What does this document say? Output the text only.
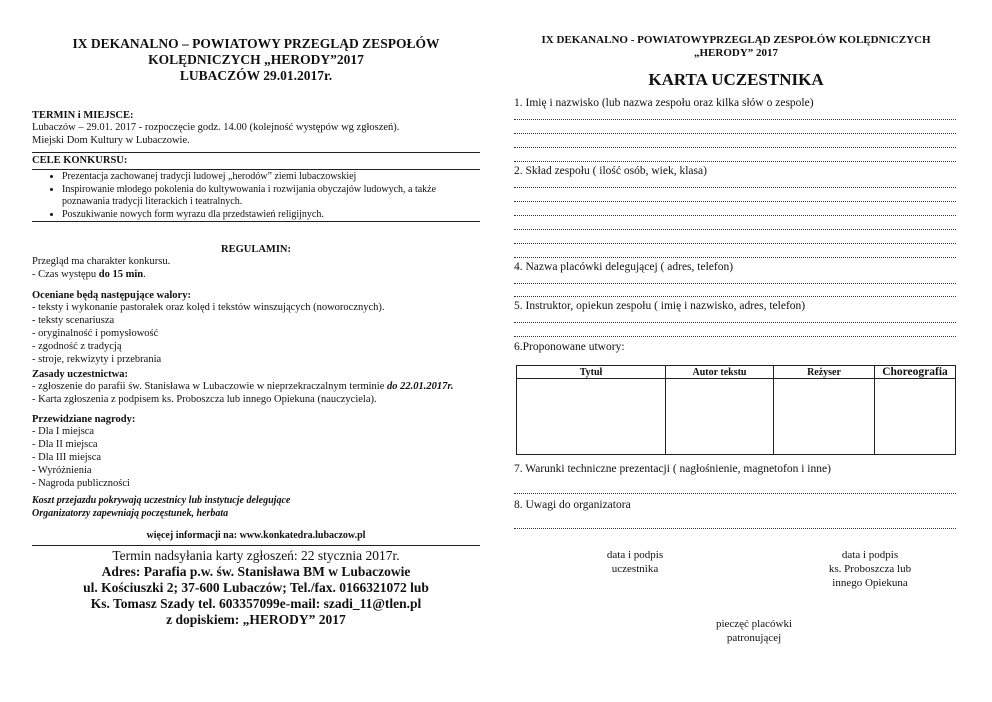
IX DEKANALNO – POWIATOWY PRZEGLĄD ZESPOŁÓW
KOLĘDNICZYCH „HERODY”2017
LUBACZÓW 29.01.2017r.
TERMIN i MIEJSCE:
Lubaczów – 29.01. 2017 - rozpoczęcie godz. 14.00 (kolejność występów wg zgłoszeń).
Miejski Dom Kultury w Lubaczowie.
CELE KONKURSU:
• Prezentacja zachowanej tradycji ludowej „herodów” ziemi lubaczowskiej
• Inspirowanie młodego pokolenia do kultywowania i rozwijania obyczajów ludowych, a także poznawania tradycji literackich i teatralnych.
• Poszukiwanie nowych form wyrazu dla przedstawień religijnych.
REGULAMIN:
Przegląd ma charakter konkursu.
- Czas występu do 15 min.
Oceniane będą następujące walory:
- teksty i wykonanie pastorałek oraz kolęd i tekstów winszujących (noworocznych).
- teksty scenariusza
- oryginalność i pomysłowość
- zgodność z tradycją
- stroje, rekwizyty i przebrania
Zasady uczestnictwa:
- zgłoszenie do parafii św. Stanisława w Lubaczowie w nieprzekraczalnym terminie do 22.01.2017r.
- Karta zgłoszenia z podpisem ks. Proboszcza lub innego Opiekuna (nauczyciela).
Przewidziane nagrody:
- Dla I miejsca
- Dla II miejsca
- Dla III miejsca
- Wyróżnienia
- Nagroda publiczności
Koszt przejazdu pokrywają uczestnicy lub instytucje delegujące
Organizatorzy zapewniają poczęstunek, herbata
więcej informacji na: www.konkatedra.lubaczow.pl
Termin nadsyłania karty zgłoszeń: 22 stycznia 2017r.
Adres: Parafia p.w. św. Stanisława BM w Lubaczowie
ul. Kościuszki 2; 37-600 Lubaczów; Tel./fax. 0166321072 lub
Ks. Tomasz Szady tel. 603357099e-mail: szadi_11@tlen.pl
z dopiskiem: „HERODY” 2017
IX DEKANALNO - POWIATOWYPRZEGLĄD ZESPOŁÓW KOLĘDNICZYCH
„HERODY” 2017
KARTA UCZESTNIKA
1. Imię i nazwisko (lub nazwa zespołu oraz kilka słów o zespole)
2. Skład zespołu ( ilość osób, wiek, klasa)
4. Nazwa placówki delegującej ( adres, telefon)
5. Instruktor, opiekun zespołu ( imię i nazwisko, adres, telefon)
6.Proponowane utwory:
Tytuł	Autor tekstu	Reżyser	Choreografia

7. Warunki techniczne prezentacji ( nagłośnienie, magnetofon i inne)
8. Uwagi do organizatora
data i podpis
uczestnika
data i podpis
ks. Proboszcza lub
innego Opiekuna
pieczęć placówki
patronującej
